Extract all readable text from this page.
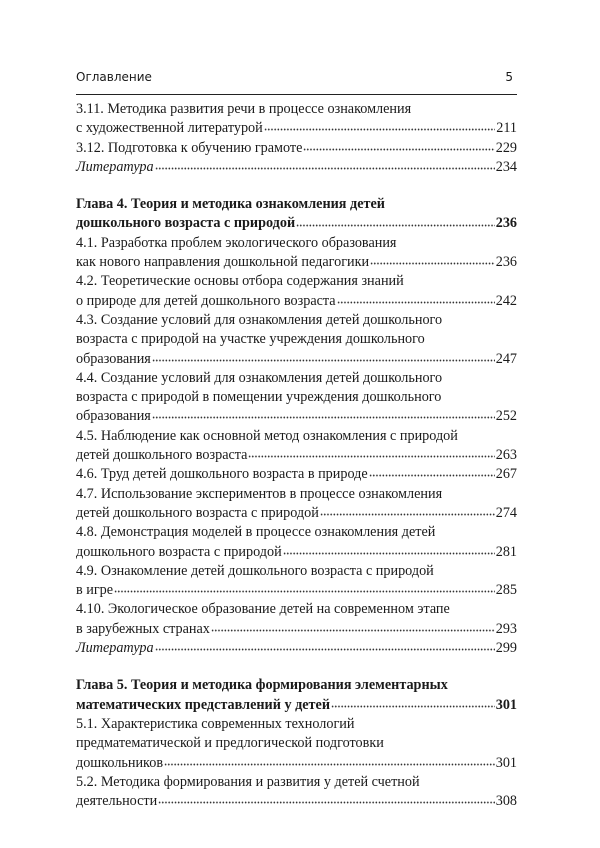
Оглавление	5
3.11. Методика развития речи в процессе ознакомления
с художественной литературой	211
3.12. Подготовка к обучению грамоте	229
Литература	234
Глава 4. Теория и методика ознакомления детей
дошкольного возраста с природой	236
4.1. Разработка проблем экологического образования
как нового направления дошкольной педагогики	236
4.2. Теоретические основы отбора содержания знаний
о природе для детей дошкольного возраста	242
4.3. Создание условий для ознакомления детей дошкольного
возраста с природой на участке учреждения дошкольного
образования	247
4.4. Создание условий для ознакомления детей дошкольного
возраста с природой в помещении учреждения дошкольного
образования	252
4.5. Наблюдение как основной метод ознакомления с природой
детей дошкольного возраста	263
4.6. Труд детей дошкольного возраста в природе	267
4.7. Использование экспериментов в процессе ознакомления
детей дошкольного возраста с природой	274
4.8. Демонстрация моделей в процессе ознакомления детей
дошкольного возраста с природой	281
4.9. Ознакомление детей дошкольного возраста с природой
в игре	285
4.10. Экологическое образование детей на современном этапе
в зарубежных странах	293
Литература	299
Глава 5. Теория и методика формирования элементарных
математических представлений у детей	301
5.1. Характеристика современных технологий
предматематической и предлогической подготовки
дошкольников	301
5.2. Методика формирования и развития у детей счетной
деятельности	308
